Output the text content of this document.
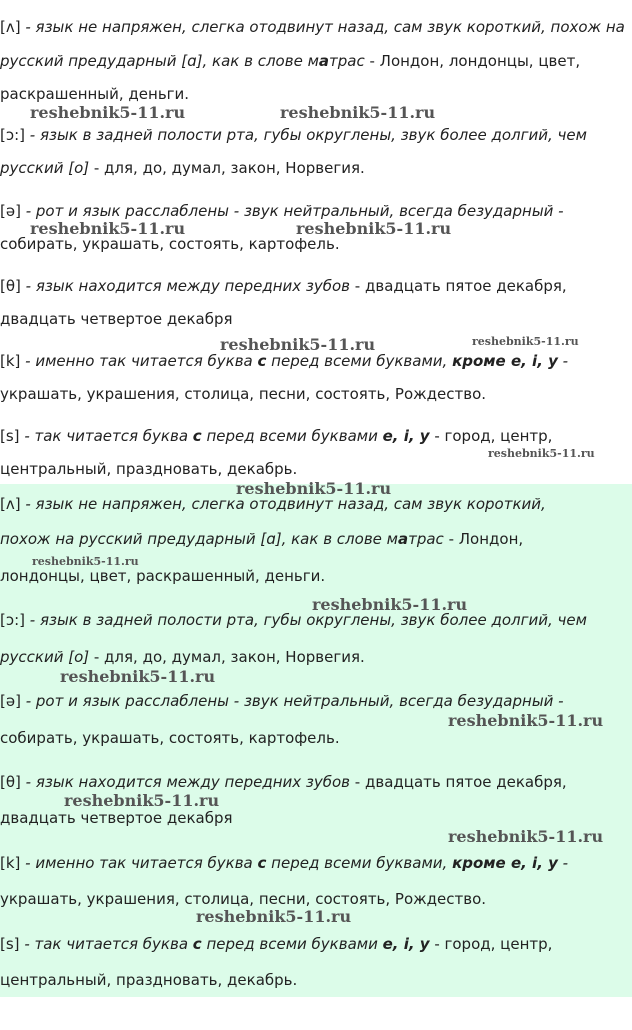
[ʌ] - язык не напряжен, слегка отодвинут назад, сам звук короткий, похож на
русский предударный [ɑ], как в слове матрас - Лондон, лондонцы, цвет,
раскрашенный, деньги.
[ɔ:] - язык в задней полости рта, губы округлены, звук более долгий, чем
русский [о] - для, до, думал, закон, Норвегия.
[ə] - рот и язык расслаблены - звук нейтральный, всегда безударный -
собирать, украшать, состоять, картофель.
[θ] - язык находится между передних зубов - двадцать пятое декабря,
двадцать четвертое декабря
[k] - именно так читается буква с перед всеми буквами, кроме е, i, y -
украшать, украшения, столица, песни, состоять, Рождество.
[s] - так читается буква с перед всеми буквами е, i, y - город, центр,
центральный, праздновать, декабрь.
[ʌ] - язык не напряжен, слегка отодвинут назад, сам звук короткий,
похож на русский предударный [ɑ], как в слове матрас - Лондон,
лондонцы, цвет, раскрашенный, деньги.
[ɔ:] - язык в задней полости рта, губы округлены, звук более долгий, чем
русский [о] - для, до, думал, закон, Норвегия.
[ə] - рот и язык расслаблены - звук нейтральный, всегда безударный -
собирать, украшать, состоять, картофель.
[θ] - язык находится между передних зубов - двадцать пятое декабря,
двадцать четвертое декабря
[k] - именно так читается буква с перед всеми буквами, кроме е, i, y -
украшать, украшения, столица, песни, состоять, Рождество.
[s] - так читается буква с перед всеми буквами е, i, y - город, центр,
центральный, праздновать, декабрь.
reshebnik5-11.ru	reshebnik5-11.ru
reshebnik5-11.ru	reshebnik5-11.ru
reshebnik5-11.ru	reshebnik5-11.ru
reshebnik5-11.ru
reshebnik5-11.ru
reshebnik5-11.ru
reshebnik5-11.ru
reshebnik5-11.ru
reshebnik5-11.ru
reshebnik5-11.ru
reshebnik5-11.ru
reshebnik5-11.ru
